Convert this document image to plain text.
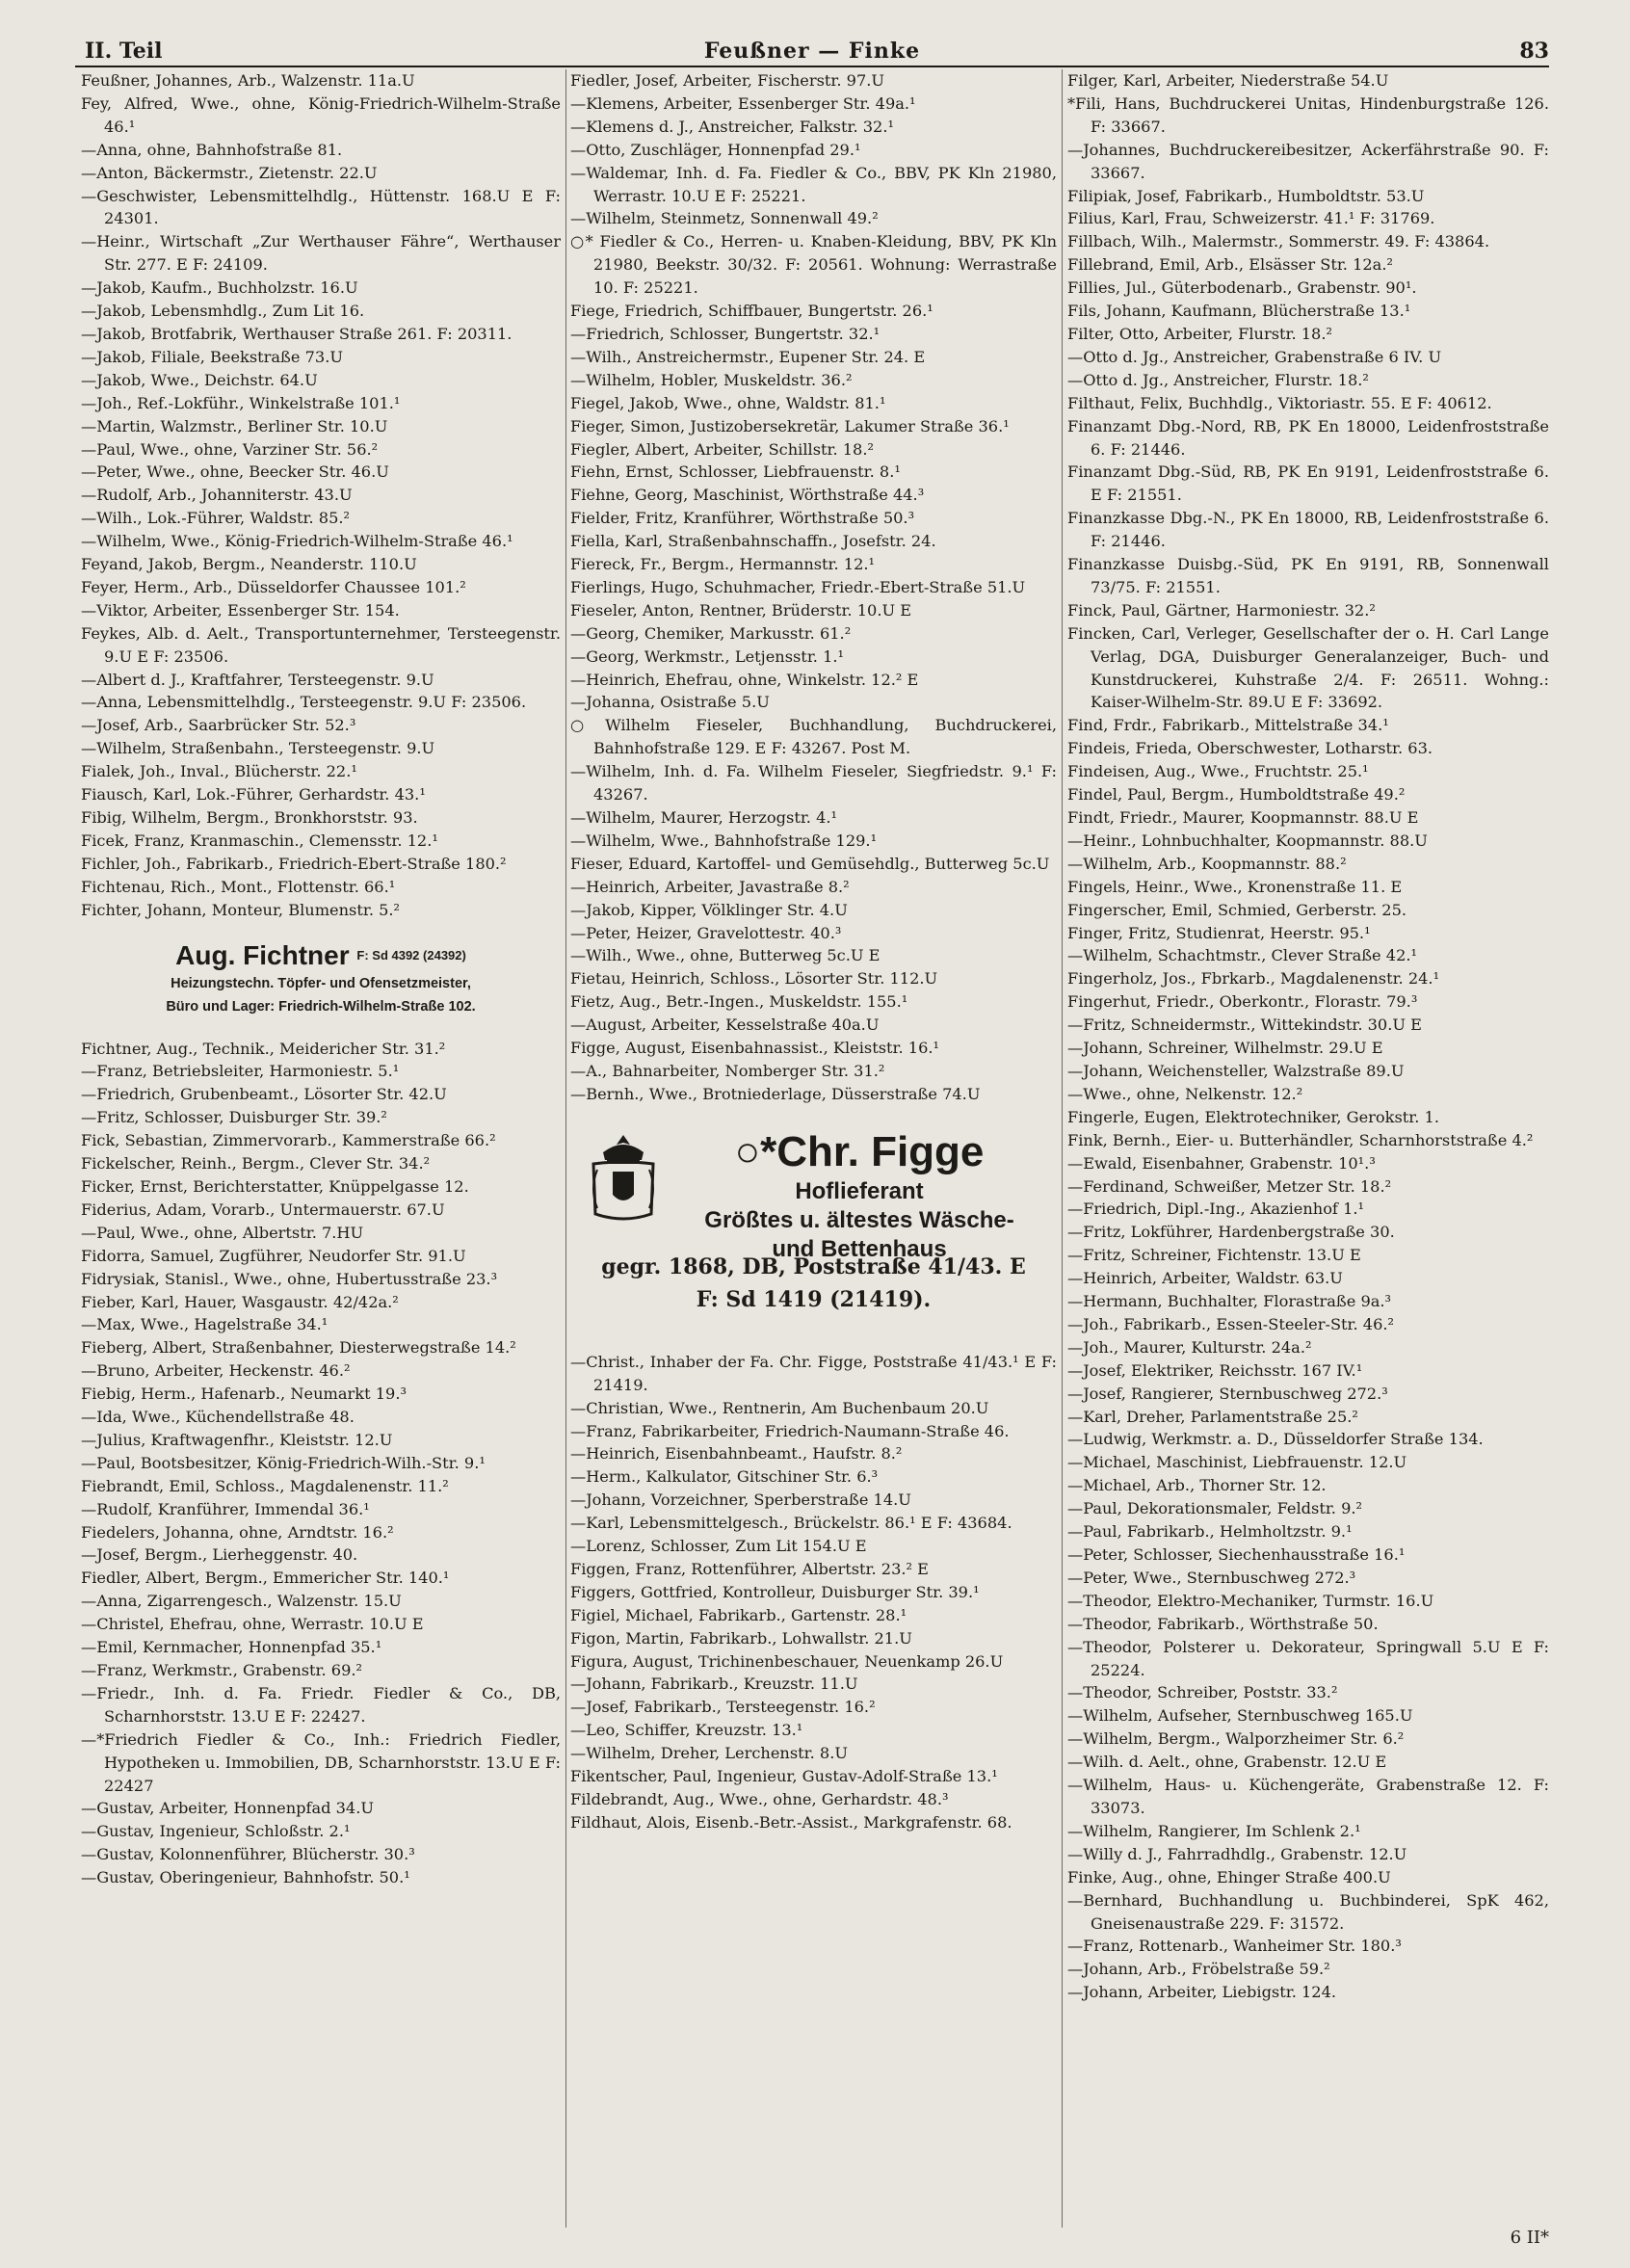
II. Teil	Feußner — Finke	83
Feußner, Johannes, Arb., Walzenstr. 11a.U
Fey, Alfred, Wwe., ohne, König-Friedrich-Wilhelm-Straße 46.¹
—Anna, ohne, Bahnhofstraße 81.
—Anton, Bäckermstr., Zietenstr. 22.U
—Geschwister, Lebensmittelhdlg., Hüttenstr. 168.U E F: 24301.
—Heinr., Wirtschaft „Zur Werthauser Fähre“, Werthauser Str. 277. E F: 24109.
—Jakob, Kaufm., Buchholzstr. 16.U
—Jakob, Lebensmhdlg., Zum Lit 16.
—Jakob, Brotfabrik, Werthauser Straße 261. F: 20311.
—Jakob, Filiale, Beekstraße 73.U
—Jakob, Wwe., Deichstr. 64.U
—Joh., Ref.-Lokführ., Winkelstraße 101.¹
—Martin, Walzmstr., Berliner Str. 10.U
—Paul, Wwe., ohne, Varziner Str. 56.²
—Peter, Wwe., ohne, Beecker Str. 46.U
—Rudolf, Arb., Johanniterstr. 43.U
—Wilh., Lok.-Führer, Waldstr. 85.²
—Wilhelm, Wwe., König-Friedrich-Wilhelm-Straße 46.¹
Feyand, Jakob, Bergm., Neanderstr. 110.U
Feyer, Herm., Arb., Düsseldorfer Chaussee 101.²
—Viktor, Arbeiter, Essenberger Str. 154.
Feykes, Alb. d. Aelt., Transportunternehmer, Tersteegenstr. 9.U E F: 23506.
—Albert d. J., Kraftfahrer, Tersteegenstr. 9.U
—Anna, Lebensmittelhdlg., Tersteegenstr. 9.U F: 23506.
—Josef, Arb., Saarbrücker Str. 52.³
—Wilhelm, Straßenbahn., Tersteegenstr. 9.U
Fialek, Joh., Inval., Blücherstr. 22.¹
Fiausch, Karl, Lok.-Führer, Gerhardstr. 43.¹
Fibig, Wilhelm, Bergm., Bronkhorststr. 93.
Ficek, Franz, Kranmaschin., Clemensstr. 12.¹
Fichler, Joh., Fabrikarb., Friedrich-Ebert-Straße 180.²
Fichtenau, Rich., Mont., Flottenstr. 66.¹
Fichter, Johann, Monteur, Blumenstr. 5.²
Aug. Fichtner $^{F: Sd 4392 (24392)}$
Heizungstechn. Töpfer- und Ofensetzmeister,
Büro und Lager: Friedrich-Wilhelm-Straße 102.
Fichtner, Aug., Technik., Meidericher Str. 31.²
—Franz, Betriebsleiter, Harmoniestr. 5.¹
—Friedrich, Grubenbeamt., Lösorter Str. 42.U
—Fritz, Schlosser, Duisburger Str. 39.²
Fick, Sebastian, Zimmervorarb., Kammerstraße 66.²
Fickelscher, Reinh., Bergm., Clever Str. 34.²
Ficker, Ernst, Berichterstatter, Knüppelgasse 12.
Fiderius, Adam, Vorarb., Untermauerstr. 67.U
—Paul, Wwe., ohne, Albertstr. 7.HU
Fidorra, Samuel, Zugführer, Neudorfer Str. 91.U
Fidrysiak, Stanisl., Wwe., ohne, Hubertusstraße 23.³
Fieber, Karl, Hauer, Wasgaustr. 42/42a.²
—Max, Wwe., Hagelstraße 34.¹
Fieberg, Albert, Straßenbahner, Diesterwegstraße 14.²
—Bruno, Arbeiter, Heckenstr. 46.²
Fiebig, Herm., Hafenarb., Neumarkt 19.³
—Ida, Wwe., Küchendellstraße 48.
—Julius, Kraftwagenfhr., Kleiststr. 12.U
—Paul, Bootsbesitzer, König-Friedrich-Wilh.-Str. 9.¹
Fiebrandt, Emil, Schloss., Magdalenenstr. 11.²
—Rudolf, Kranführer, Immendal 36.¹
Fiedelers, Johanna, ohne, Arndtstr. 16.²
—Josef, Bergm., Lierheggenstr. 40.
Fiedler, Albert, Bergm., Emmericher Str. 140.¹
—Anna, Zigarrengesch., Walzenstr. 15.U
—Christel, Ehefrau, ohne, Werrastr. 10.U E
—Emil, Kernmacher, Honnenpfad 35.¹
—Franz, Werkmstr., Grabenstr. 69.²
—Friedr., Inh. d. Fa. Friedr. Fiedler & Co., DB, Scharnhorststr. 13.U E F: 22427.
—*Friedrich Fiedler & Co., Inh.: Friedrich Fiedler, Hypotheken u. Immobilien, DB, Scharnhorststr. 13.U E F: 22427
—Gustav, Arbeiter, Honnenpfad 34.U
—Gustav, Ingenieur, Schloßstr. 2.¹
—Gustav, Kolonnenführer, Blücherstr. 30.³
—Gustav, Oberingenieur, Bahnhofstr. 50.¹
Fiedler, Josef, Arbeiter, Fischerstr. 97.U
—Klemens, Arbeiter, Essenberger Str. 49a.¹
—Klemens d. J., Anstreicher, Falkstr. 32.¹
—Otto, Zuschläger, Honnenpfad 29.¹
—Waldemar, Inh. d. Fa. Fiedler & Co., BBV, PK Kln 21980, Werrastr. 10.U E F: 25221.
—Wilhelm, Steinmetz, Sonnenwall 49.²
○* Fiedler & Co., Herren- u. Knaben-Kleidung, BBV, PK Kln 21980, Beekstr. 30/32. F: 20561. Wohnung: Werrastraße 10. F: 25221.
Fiege, Friedrich, Schiffbauer, Bungertstr. 26.¹
—Friedrich, Schlosser, Bungertstr. 32.¹
—Wilh., Anstreichermstr., Eupener Str. 24. E
—Wilhelm, Hobler, Muskeldstr. 36.²
Fiegel, Jakob, Wwe., ohne, Waldstr. 81.¹
Fieger, Simon, Justizobersekretär, Lakumer Straße 36.¹
Fiegler, Albert, Arbeiter, Schillstr. 18.²
Fiehn, Ernst, Schlosser, Liebfrauenstr. 8.¹
Fiehne, Georg, Maschinist, Wörthstraße 44.³
Fielder, Fritz, Kranführer, Wörthstraße 50.³
Fiella, Karl, Straßenbahnschaffn., Josefstr. 24.
Fiereck, Fr., Bergm., Hermannstr. 12.¹
Fierlings, Hugo, Schuhmacher, Friedr.-Ebert-Straße 51.U
Fieseler, Anton, Rentner, Brüderstr. 10.U E
—Georg, Chemiker, Markusstr. 61.²
—Georg, Werkmstr., Letjensstr. 1.¹
—Heinrich, Ehefrau, ohne, Winkelstr. 12.² E
—Johanna, Osistraße 5.U
○Wilhelm Fieseler, Buchhandlung, Buchdruckerei, Bahnhofstraße 129. E F: 43267. Post M.
—Wilhelm, Inh. d. Fa. Wilhelm Fieseler, Siegfriedstr. 9.¹ F: 43267.
—Wilhelm, Maurer, Herzogstr. 4.¹
—Wilhelm, Wwe., Bahnhofstraße 129.¹
Fieser, Eduard, Kartoffel- und Gemüsehdlg., Butterweg 5c.U
—Heinrich, Arbeiter, Javastraße 8.²
—Jakob, Kipper, Völklinger Str. 4.U
—Peter, Heizer, Gravelottestr. 40.³
—Wilh., Wwe., ohne, Butterweg 5c.U E
Fietau, Heinrich, Schloss., Lösorter Str. 112.U
Fietz, Aug., Betr.-Ingen., Muskeldstr. 155.¹
—August, Arbeiter, Kesselstraße 40a.U
Figge, August, Eisenbahnassist., Kleiststr. 16.¹
—A., Bahnarbeiter, Nomberger Str. 31.²
—Bernh., Wwe., Brotniederlage, Düsserstraße 74.U
○*Chr. Figge
Hoflieferant
Größtes u. ältestes Wäsche-
und Bettenhaus
gegr. 1868, DB, Poststraße 41/43. E
F: Sd 1419 (21419).
—Christ., Inhaber der Fa. Chr. Figge, Poststraße 41/43.¹ E F: 21419.
—Christian, Wwe., Rentnerin, Am Buchenbaum 20.U
—Franz, Fabrikarbeiter, Friedrich-Naumann-Straße 46.
—Heinrich, Eisenbahnbeamt., Haufstr. 8.²
—Herm., Kalkulator, Gitschiner Str. 6.³
—Johann, Vorzeichner, Sperberstraße 14.U
—Karl, Lebensmittelgesch., Brückelstr. 86.¹ E F: 43684.
—Lorenz, Schlosser, Zum Lit 154.U E
Figgen, Franz, Rottenführer, Albertstr. 23.² E
Figgers, Gottfried, Kontrolleur, Duisburger Str. 39.¹
Figiel, Michael, Fabrikarb., Gartenstr. 28.¹
Figon, Martin, Fabrikarb., Lohwallstr. 21.U
Figura, August, Trichinenbeschauer, Neuenkamp 26.U
—Johann, Fabrikarb., Kreuzstr. 11.U
—Josef, Fabrikarb., Tersteegenstr. 16.²
—Leo, Schiffer, Kreuzstr. 13.¹
—Wilhelm, Dreher, Lerchenstr. 8.U
Fikentscher, Paul, Ingenieur, Gustav-Adolf-Straße 13.¹
Fildebrandt, Aug., Wwe., ohne, Gerhardstr. 48.³
Fildhaut, Alois, Eisenb.-Betr.-Assist., Markgrafenstr. 68.
Filger, Karl, Arbeiter, Niederstraße 54.U
*Fili, Hans, Buchdruckerei Unitas, Hindenburgstraße 126. F: 33667.
—Johannes, Buchdruckereibesitzer, Ackerfährstraße 90. F: 33667.
Filipiak, Josef, Fabrikarb., Humboldtstr. 53.U
Filius, Karl, Frau, Schweizerstr. 41.¹ F: 31769.
Fillbach, Wilh., Malermstr., Sommerstr. 49. F: 43864.
Fillebrand, Emil, Arb., Elsässer Str. 12a.²
Fillies, Jul., Güterbodenarb., Grabenstr. 90¹.
Fils, Johann, Kaufmann, Blücherstraße 13.¹
Filter, Otto, Arbeiter, Flurstr. 18.²
—Otto d. Jg., Anstreicher, Grabenstraße 6 IV. U
—Otto d. Jg., Anstreicher, Flurstr. 18.²
Filthaut, Felix, Buchhdlg., Viktoriastr. 55. E F: 40612.
Finanzamt Dbg.-Nord, RB, PK En 18000, Leidenfroststraße 6. F: 21446.
Finanzamt Dbg.-Süd, RB, PK En 9191, Leidenfroststraße 6. E F: 21551.
Finanzkasse Dbg.-N., PK En 18000, RB, Leidenfroststraße 6. F: 21446.
Finanzkasse Duisbg.-Süd, PK En 9191, RB, Sonnenwall 73/75. F: 21551.
Finck, Paul, Gärtner, Harmoniestr. 32.²
Fincken, Carl, Verleger, Gesellschafter der o. H. Carl Lange Verlag, DGA, Duisburger Generalanzeiger, Buch- und Kunstdruckerei, Kuhstraße 2/4. F: 26511. Wohng.: Kaiser-Wilhelm-Str. 89.U E F: 33692.
Find, Frdr., Fabrikarb., Mittelstraße 34.¹
Findeis, Frieda, Oberschwester, Lotharstr. 63.
Findeisen, Aug., Wwe., Fruchtstr. 25.¹
Findel, Paul, Bergm., Humboldtstraße 49.²
Findt, Friedr., Maurer, Koopmannstr. 88.U E
—Heinr., Lohnbuchhalter, Koopmannstr. 88.U
—Wilhelm, Arb., Koopmannstr. 88.²
Fingels, Heinr., Wwe., Kronenstraße 11. E
Fingerscher, Emil, Schmied, Gerberstr. 25.
Finger, Fritz, Studienrat, Heerstr. 95.¹
—Wilhelm, Schachtmstr., Clever Straße 42.¹
Fingerholz, Jos., Fbrkarb., Magdalenenstr. 24.¹
Fingerhut, Friedr., Oberkontr., Florastr. 79.³
—Fritz, Schneidermstr., Wittekindstr. 30.U E
—Johann, Schreiner, Wilhelmstr. 29.U E
—Johann, Weichensteller, Walzstraße 89.U
—Wwe., ohne, Nelkenstr. 12.²
Fingerle, Eugen, Elektrotechniker, Gerokstr. 1.
Fink, Bernh., Eier- u. Butterhändler, Scharnhorststraße 4.²
—Ewald, Eisenbahner, Grabenstr. 10¹.³
—Ferdinand, Schweißer, Metzer Str. 18.²
—Friedrich, Dipl.-Ing., Akazienhof 1.¹
—Fritz, Lokführer, Hardenbergstraße 30.
—Fritz, Schreiner, Fichtenstr. 13.U E
—Heinrich, Arbeiter, Waldstr. 63.U
—Hermann, Buchhalter, Florastraße 9a.³
—Joh., Fabrikarb., Essen-Steeler-Str. 46.²
—Joh., Maurer, Kulturstr. 24a.²
—Josef, Elektriker, Reichsstr. 167 IV.¹
—Josef, Rangierer, Sternbuschweg 272.³
—Karl, Dreher, Parlamentstraße 25.²
—Ludwig, Werkmstr. a. D., Düsseldorfer Straße 134.
—Michael, Maschinist, Liebfrauenstr. 12.U
—Michael, Arb., Thorner Str. 12.
—Paul, Dekorationsmaler, Feldstr. 9.²
—Paul, Fabrikarb., Helmholtzstr. 9.¹
—Peter, Schlosser, Siechenhausstraße 16.¹
—Peter, Wwe., Sternbuschweg 272.³
—Theodor, Elektro-Mechaniker, Turmstr. 16.U
—Theodor, Fabrikarb., Wörthstraße 50.
—Theodor, Polsterer u. Dekorateur, Springwall 5.U E F: 25224.
—Theodor, Schreiber, Poststr. 33.²
—Wilhelm, Aufseher, Sternbuschweg 165.U
—Wilhelm, Bergm., Walporzheimer Str. 6.²
—Wilh. d. Aelt., ohne, Grabenstr. 12.U E
—Wilhelm, Haus- u. Küchengeräte, Grabenstraße 12. F: 33073.
—Wilhelm, Rangierer, Im Schlenk 2.¹
—Willy d. J., Fahrradhdlg., Grabenstr. 12.U
Finke, Aug., ohne, Ehinger Straße 400.U
—Bernhard, Buchhandlung u. Buchbinderei, SpK 462, Gneisenaustraße 229. F: 31572.
—Franz, Rottenarb., Wanheimer Str. 180.³
—Johann, Arb., Fröbelstraße 59.²
—Johann, Arbeiter, Liebigstr. 124.
6 II*
